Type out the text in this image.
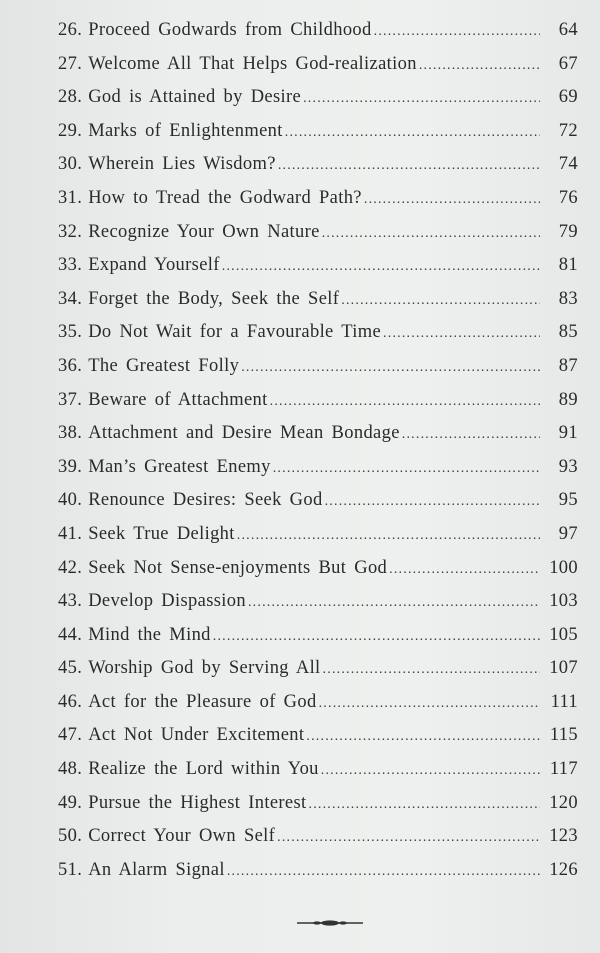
26. Proceed Godwards from Childhood .....	64
27. Welcome All That Helps God-realization .....	67
28. God is Attained by Desire .....	69
29. Marks of Enlightenment .....	72
30. Wherein Lies Wisdom? .....	74
31. How to Tread the Godward Path? .....	76
32. Recognize Your Own Nature .....	79
33. Expand Yourself .....	81
34. Forget the Body, Seek the Self .....	83
35. Do Not Wait for a Favourable Time .....	85
36. The Greatest Folly .....	87
37. Beware of Attachment .....	89
38. Attachment and Desire Mean Bondage .....	91
39. Man’s Greatest Enemy .....	93
40. Renounce Desires: Seek God .....	95
41. Seek True Delight .....	97
42. Seek Not Sense-enjoyments But God .....	100
43. Develop Dispassion .....	103
44. Mind the Mind .....	105
45. Worship God by Serving All .....	107
46. Act for the Pleasure of God .....	111
47. Act Not Under Excitement .....	115
48. Realize the Lord within You .....	117
49. Pursue the Highest Interest .....	120
50. Correct Your Own Self .....	123
51. An Alarm Signal .....	126
